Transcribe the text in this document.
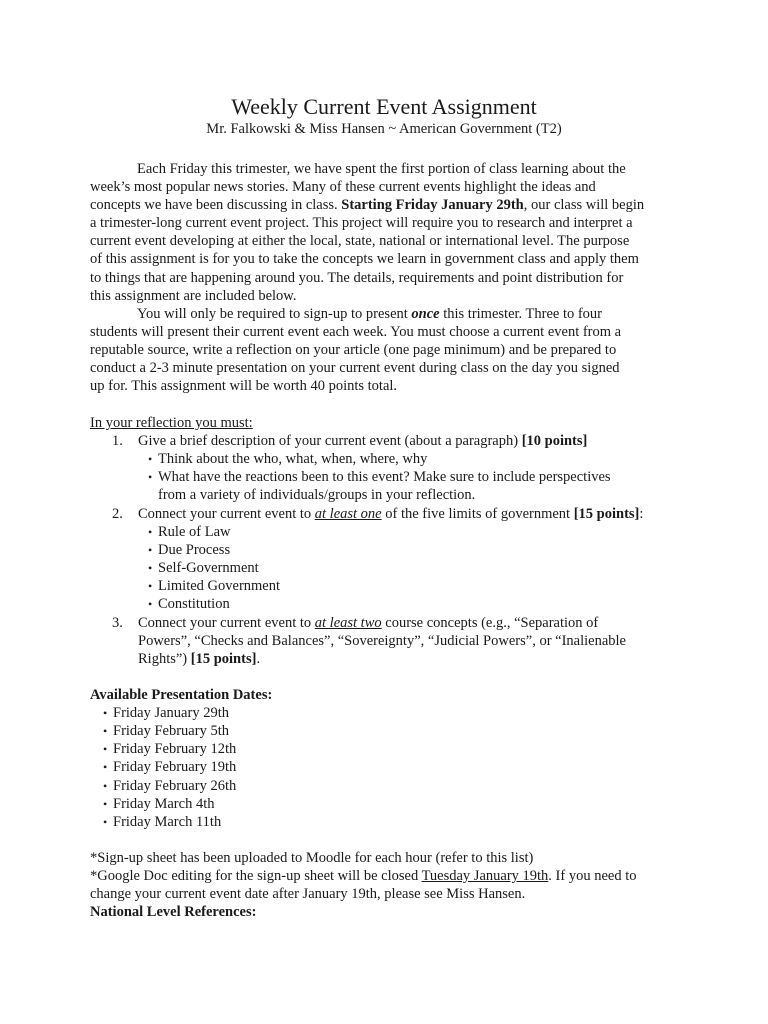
Weekly Current Event Assignment
Mr. Falkowski & Miss Hansen ~ American Government (T2)
Each Friday this trimester, we have spent the first portion of class learning about the
week’s most popular news stories. Many of these current events highlight the ideas and
concepts we have been discussing in class. Starting Friday January 29th, our class will begin
a trimester-long current event project. This project will require you to research and interpret a
current event developing at either the local, state, national or international level. The purpose
of this assignment is for you to take the concepts we learn in government class and apply them
to things that are happening around you. The details, requirements and point distribution for
this assignment are included below.
You will only be required to sign-up to present once this trimester. Three to four
students will present their current event each week. You must choose a current event from a
reputable source, write a reflection on your article (one page minimum) and be prepared to
conduct a 2-3 minute presentation on your current event during class on the day you signed
up for. This assignment will be worth 40 points total.
In your reflection you must:
1. Give a brief description of your current event (about a paragraph) [10 points]
• Think about the who, what, when, where, why
• What have the reactions been to this event? Make sure to include perspectives
from a variety of individuals/groups in your reflection.
2. Connect your current event to at least one of the five limits of government [15 points]:
• Rule of Law
• Due Process
• Self-Government
• Limited Government
• Constitution
3. Connect your current event to at least two course concepts (e.g., “Separation of
Powers”, “Checks and Balances”, “Sovereignty”, “Judicial Powers”, or “Inalienable
Rights”) [15 points].
Available Presentation Dates:
• Friday January 29th
• Friday February 5th
• Friday February 12th
• Friday February 19th
• Friday February 26th
• Friday March 4th
• Friday March 11th
*Sign-up sheet has been uploaded to Moodle for each hour (refer to this list)
*Google Doc editing for the sign-up sheet will be closed Tuesday January 19th. If you need to
change your current event date after January 19th, please see Miss Hansen.
National Level References:
